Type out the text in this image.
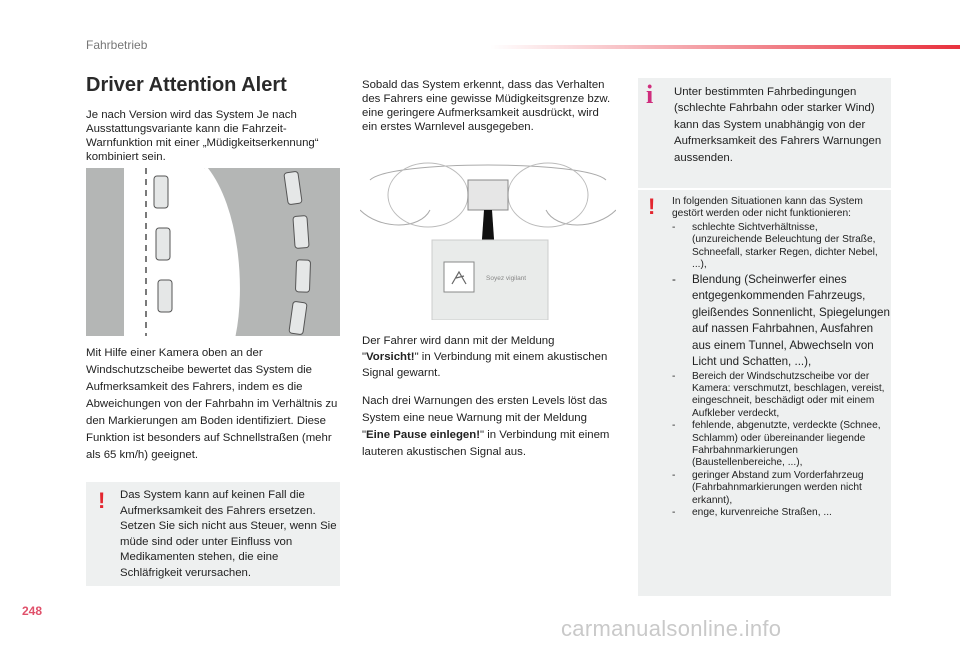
Fahrbetrieb
Driver Attention Alert
Je nach Version wird das System Je nach Ausstattungsvariante kann die Fahrzeit-Warnfunktion mit einer „Müdigkeitserkennung“ kombiniert sein.
Mit Hilfe einer Kamera oben an der Windschutzscheibe bewertet das System die Aufmerksamkeit des Fahrers, indem es die Abweichungen von der Fahrbahn im Verhältnis zu den Markierungen am Boden identifiziert. Diese Funktion ist besonders auf Schnellstraßen (mehr als 65 km/h) geeignet.
! Das System kann auf keinen Fall die Aufmerksamkeit des Fahrers ersetzen. Setzen Sie sich nicht aus Steuer, wenn Sie müde sind oder unter Einfluss von Medikamenten stehen, die eine Schläfrigkeit verursachen.
Sobald das System erkennt, dass das Verhalten des Fahrers eine gewisse Müdigkeitsgrenze bzw. eine geringere Aufmerksamkeit ausdrückt, wird ein erstes Warnlevel ausgegeben.
Soyez vigilant
Der Fahrer wird dann mit der Meldung "Vorsicht!" in Verbindung mit einem akustischen Signal gewarnt.
Nach drei Warnungen des ersten Levels löst das System eine neue Warnung mit der Meldung "Eine Pause einlegen!" in Verbindung mit einem lauteren akustischen Signal aus.
i Unter bestimmten Fahrbedingungen (schlechte Fahrbahn oder starker Wind) kann das System unabhängig von der Aufmerksamkeit des Fahrers Warnungen aussenden.
! In folgenden Situationen kann das System gestört werden oder nicht funktionieren:
- schlechte Sichtverhältnisse, (unzureichende Beleuchtung der Straße, Schneefall, starker Regen, dichter Nebel, ...),
- Blendung (Scheinwerfer eines entgegenkommenden Fahrzeugs, gleißendes Sonnenlicht, Spiegelungen auf nassen Fahrbahnen, Ausfahren aus einem Tunnel, Abwechseln von Licht und Schatten, ...),
- Bereich der Windschutzscheibe vor der Kamera: verschmutzt, beschlagen, vereist, eingeschneit, beschädigt oder mit einem Aufkleber verdeckt,
- fehlende, abgenutzte, verdeckte (Schnee, Schlamm) oder übereinander liegende Fahrbahnmarkierungen (Baustellenbereiche, ...),
- geringer Abstand zum Vorderfahrzeug (Fahrbahnmarkierungen werden nicht erkannt),
- enge, kurvenreiche Straßen, ...
248
carmanualsonline.info
